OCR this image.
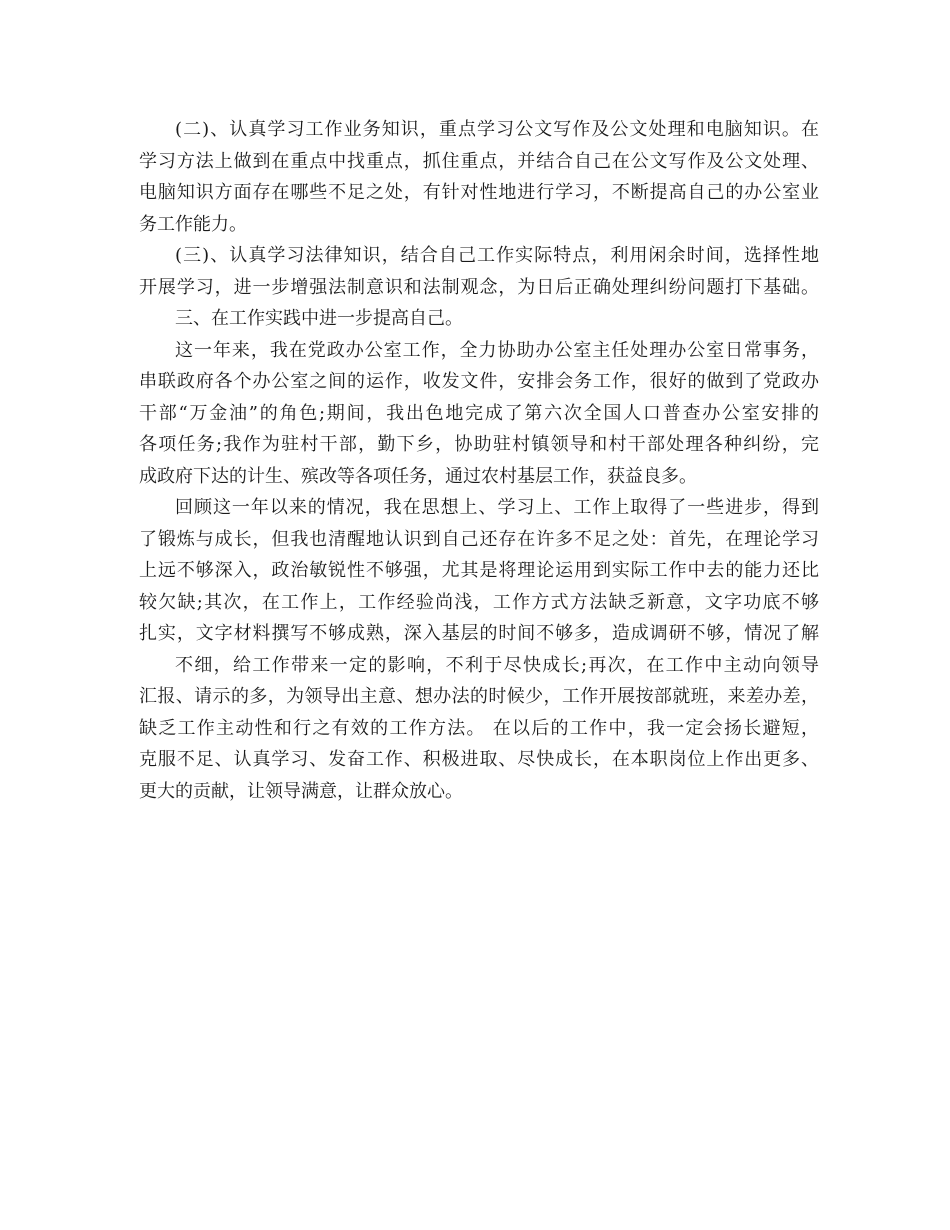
(二)、认真学习工作业务知识，重点学习公文写作及公文处理和电脑知识。在
学习方法上做到在重点中找重点，抓住重点，并结合自己在公文写作及公文处理、
电脑知识方面存在哪些不足之处，有针对性地进行学习，不断提高自己的办公室业
务工作能力。
(三)、认真学习法律知识，结合自己工作实际特点，利用闲余时间，选择性地
开展学习，进一步增强法制意识和法制观念，为日后正确处理纠纷问题打下基础。
三、在工作实践中进一步提高自己。
这一年来，我在党政办公室工作，全力协助办公室主任处理办公室日常事务，
串联政府各个办公室之间的运作，收发文件，安排会务工作，很好的做到了党政办
干部“万金油”的角色;期间，我出色地完成了第六次全国人口普查办公室安排的
各项任务;我作为驻村干部，勤下乡，协助驻村镇领导和村干部处理各种纠纷，完
成政府下达的计生、殡改等各项任务，通过农村基层工作，获益良多。
回顾这一年以来的情况，我在思想上、学习上、工作上取得了一些进步，得到
了锻炼与成长，但我也清醒地认识到自己还存在许多不足之处：首先，在理论学习
上远不够深入，政治敏锐性不够强，尤其是将理论运用到实际工作中去的能力还比
较欠缺;其次，在工作上，工作经验尚浅，工作方式方法缺乏新意，文字功底不够
扎实，文字材料撰写不够成熟，深入基层的时间不够多，造成调研不够，情况了解
不细，给工作带来一定的影响，不利于尽快成长;再次，在工作中主动向领导
汇报、请示的多，为领导出主意、想办法的时候少，工作开展按部就班，来差办差，
缺乏工作主动性和行之有效的工作方法。 在以后的工作中，我一定会扬长避短，
克服不足、认真学习、发奋工作、积极进取、尽快成长，在本职岗位上作出更多、
更大的贡献，让领导满意，让群众放心。
